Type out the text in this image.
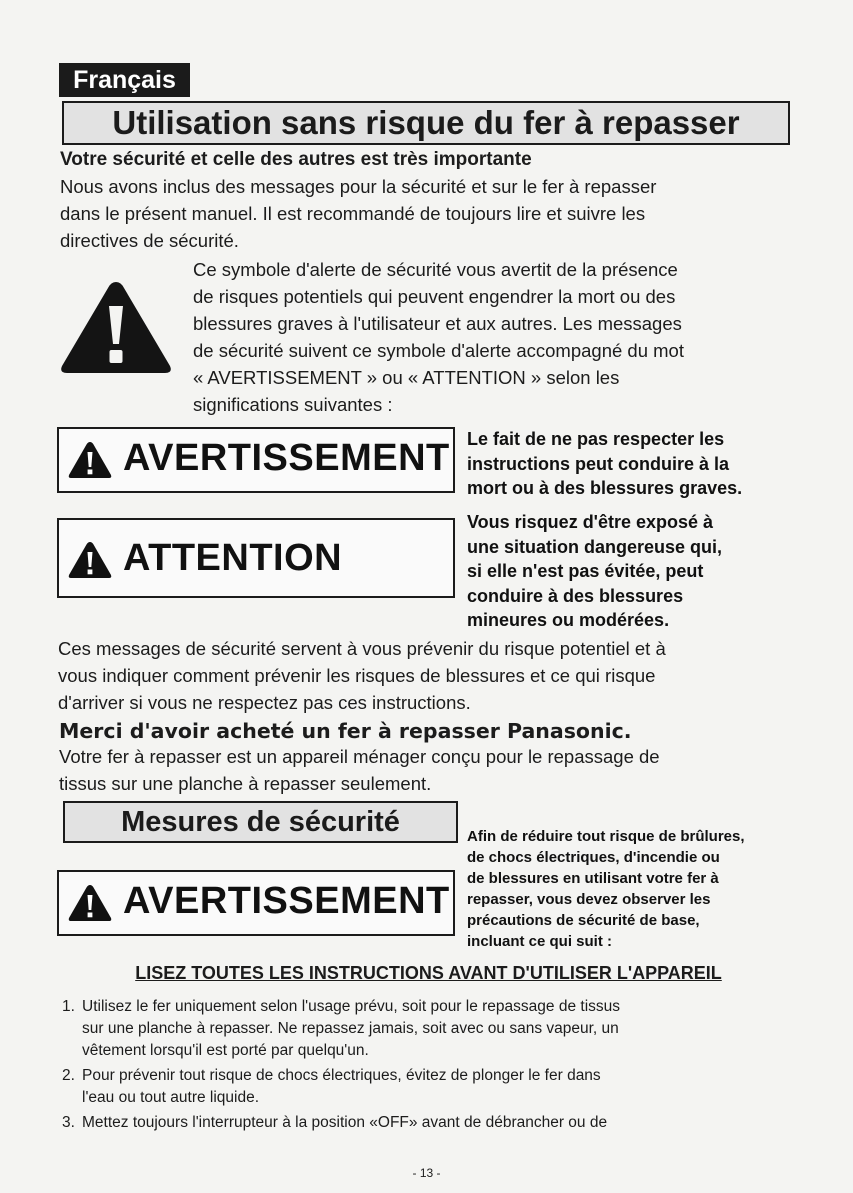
Français
Utilisation sans risque du fer à repasser
Votre sécurité et celle des autres est très importante
Nous avons inclus des messages pour la sécurité et sur le fer à repasser
dans le présent manuel. Il est recommandé de toujours lire et suivre les
directives de sécurité.
Ce symbole d'alerte de sécurité vous avertit de la présence
de risques potentiels qui peuvent engendrer la mort ou des
blessures graves à l'utilisateur et aux autres. Les messages
de sécurité suivent ce symbole d'alerte accompagné du mot
« AVERTISSEMENT » ou « ATTENTION » selon les
significations suivantes :
AVERTISSEMENT Le fait de ne pas respecter les
instructions peut conduire à la
mort ou à des blessures graves.
ATTENTION
Vous risquez d'être exposé à
une situation dangereuse qui,
si elle n'est pas évitée, peut
conduire à des blessures
mineures ou modérées.
Ces messages de sécurité servent à vous prévenir du risque potentiel et à
vous indiquer comment prévenir les risques de blessures et ce qui risque
d'arriver si vous ne respectez pas ces instructions.
Merci d'avoir acheté un fer à repasser Panasonic.
Votre fer à repasser est un appareil ménager conçu pour le repassage de
tissus sur une planche à repasser seulement.
Mesures de sécurité
AVERTISSEMENT
Afin de réduire tout risque de brûlures,
de chocs électriques, d'incendie ou
de blessures en utilisant votre fer à
repasser, vous devez observer les
précautions de sécurité de base,
incluant ce qui suit :
LISEZ TOUTES LES INSTRUCTIONS AVANT D'UTILISER L'APPAREIL
1. Utilisez le fer uniquement selon l'usage prévu, soit pour le repassage de tissus
sur une planche à repasser. Ne repassez jamais, soit avec ou sans vapeur, un
vêtement lorsqu'il est porté par quelqu'un.
2. Pour prévenir tout risque de chocs électriques, évitez de plonger le fer dans
l'eau ou tout autre liquide.
3. Mettez toujours l'interrupteur à la position «OFF» avant de débrancher ou de
- 13 -
